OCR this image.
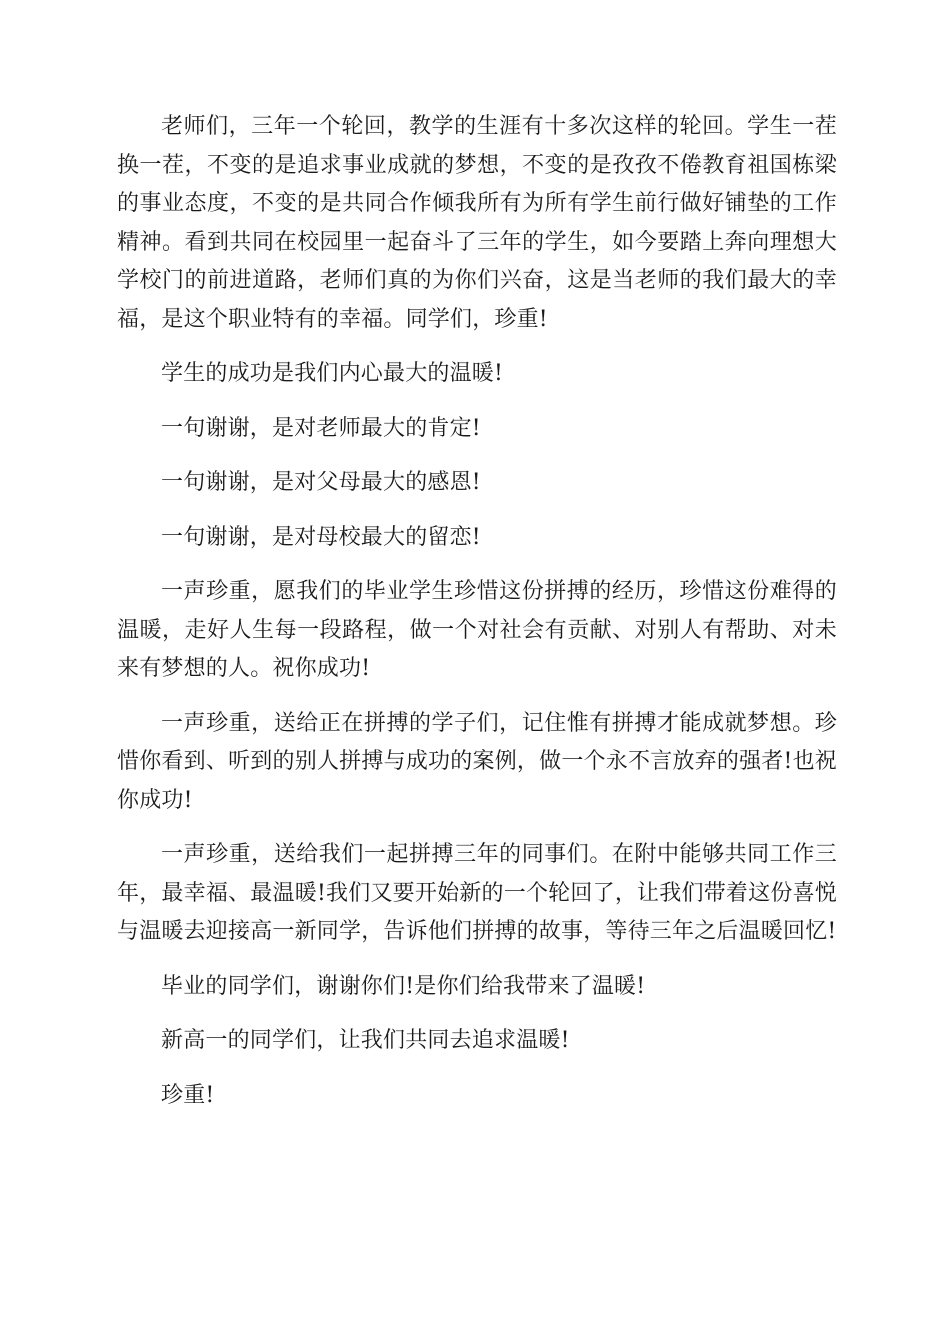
老师们，三年一个轮回，教学的生涯有十多次这样的轮回。学生一茬换一茬，不变的是追求事业成就的梦想，不变的是孜孜不倦教育祖国栋梁的事业态度，不变的是共同合作倾我所有为所有学生前行做好铺垫的工作精神。看到共同在校园里一起奋斗了三年的学生，如今要踏上奔向理想大学校门的前进道路，老师们真的为你们兴奋，这是当老师的我们最大的幸福，是这个职业特有的幸福。同学们，珍重!

学生的成功是我们内心最大的温暖!

一句谢谢，是对老师最大的肯定!

一句谢谢，是对父母最大的感恩!

一句谢谢，是对母校最大的留恋!

一声珍重，愿我们的毕业学生珍惜这份拼搏的经历，珍惜这份难得的温暖，走好人生每一段路程，做一个对社会有贡献、对别人有帮助、对未来有梦想的人。祝你成功!

一声珍重，送给正在拼搏的学子们，记住惟有拼搏才能成就梦想。珍惜你看到、听到的别人拼搏与成功的案例，做一个永不言放弃的强者!也祝你成功!

一声珍重，送给我们一起拼搏三年的同事们。在附中能够共同工作三年，最幸福、最温暖!我们又要开始新的一个轮回了，让我们带着这份喜悦与温暖去迎接高一新同学，告诉他们拼搏的故事，等待三年之后温暖回忆!

毕业的同学们，谢谢你们!是你们给我带来了温暖!

新高一的同学们，让我们共同去追求温暖!

珍重!
